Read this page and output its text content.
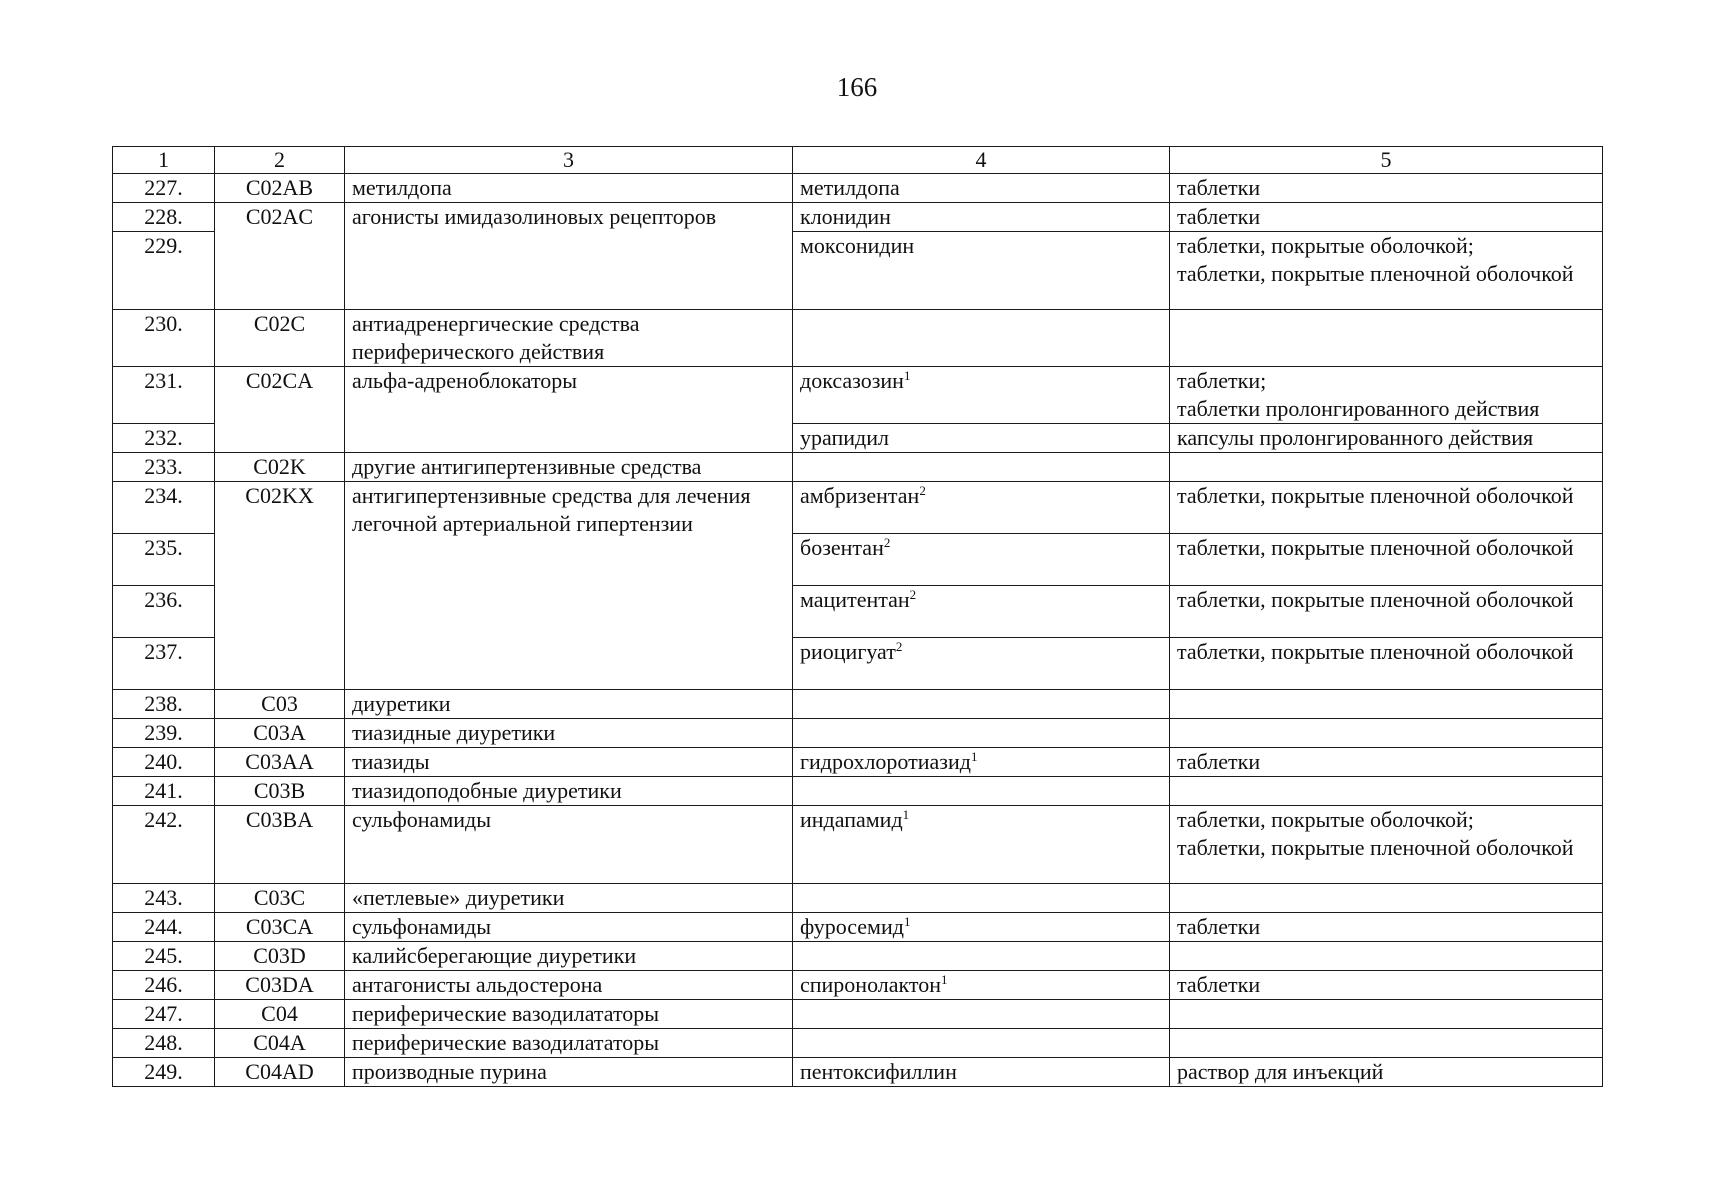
166
1	2	3	4	5
227.	C02AB	метилдопа	метилдопа	таблетки
228.	C02AC	агонисты имидазолиновых рецепторов	клонидин	таблетки
229.			моксонидин	таблетки, покрытые оболочкой;
таблетки, покрытые пленочной оболочкой
230.	C02C	антиадренергические средства периферического действия		
231.	C02CA	альфа-адреноблокаторы	доксазозин$^1$	таблетки;
таблетки пролонгированного действия
232.			урапидил	капсулы пролонгированного действия
233.	C02K	другие антигипертензивные средства		
234.	C02KX	антигипертензивные средства для лечения легочной артериальной гипертензии	амбризентан$^2$	таблетки, покрытые пленочной оболочкой
235.			бозентан$^2$	таблетки, покрытые пленочной оболочкой
236.			мацитентан$^2$	таблетки, покрытые пленочной оболочкой
237.			риоцигуат$^2$	таблетки, покрытые пленочной оболочкой
238.	C03	диуретики		
239.	C03A	тиазидные диуретики		
240.	C03AA	тиазиды	гидрохлоротиазид$^1$	таблетки
241.	C03B	тиазидоподобные диуретики		
242.	C03BA	сульфонамиды	индапамид$^1$	таблетки, покрытые оболочкой;
таблетки, покрытые пленочной оболочкой
243.	C03C	«петлевые» диуретики		
244.	C03CA	сульфонамиды	фуросемид$^1$	таблетки
245.	C03D	калийсберегающие диуретики		
246.	C03DA	антагонисты альдостерона	спиронолактон$^1$	таблетки
247.	C04	периферические вазодилататоры		
248.	C04A	периферические вазодилататоры		
249.	C04AD	производные пурина	пентоксифиллин	раствор для инъекций
